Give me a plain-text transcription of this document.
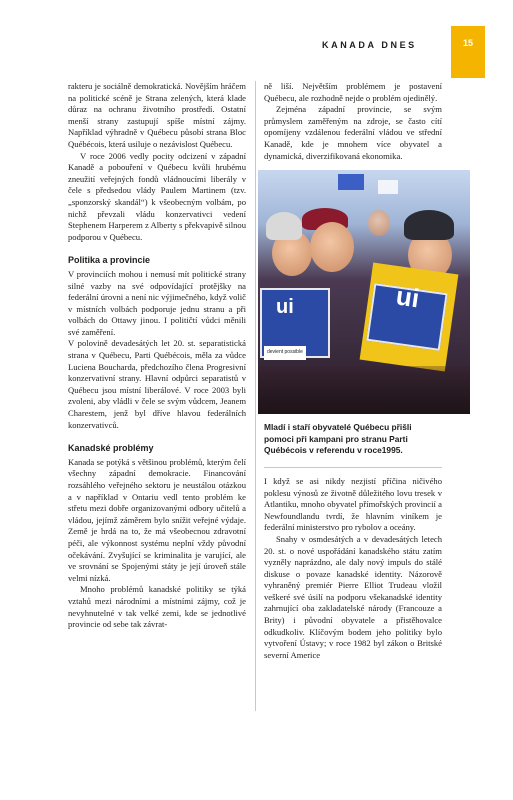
KANADA DNES	15

rakteru je sociálně demokratická. Novějším hráčem na politické scéně je Strana zelených, která klade důraz na ochranu životního prostředí. Ostatní menší strany zastupují spíše místní zájmy. Například výhradně v Québecu působí strana Bloc Québécois, která usiluje o nezávislost Québecu.

V roce 2006 vedly pocity odcizení v západní Kanadě a pobouření v Québecu kvůli hrubému zneužití veřejných fondů vládnoucími liberály v čele s předsedou vlády Paulem Martinem (tzv. „sponzorský skandál“) k všeobecným volbám, po nichž převzali vládu konzervativci vedení Stephenem Harperem z Alberty s překvapivě silnou podporou v Québecu.

Politika a provincie

V provinciích mohou i nemusí mít politické strany silné vazby na své odpovídající protějšky na federální úrovni a není nic výjimečného, když volič v místních volbách podporuje jednu stranu a při volbách do Ottawy jinou. I političtí vůdci měnili své zaměření.

V polovině devadesátých let 20. st. separatistická strana v Québecu, Parti Québécois, měla za vůdce Luciena Boucharda, předchozího člena Progresivní konzervativní strany. Hlavní odpůrci separatistů v Québecu jsou místní liberálové. V roce 2003 byli zvoleni, aby vládli v čele se svým vůdcem, Jeanem Charestem, jenž byl dříve hlavou federálních konzervativců.

Kanadské problémy

Kanada se potýká s většinou problémů, kterým čelí všechny západní demokracie. Financování rozsáhlého veřejného sektoru je neustálou otázkou a v například v Ontariu vedl tento problém ke střetu mezi dobře organizovanými odbory učitelů a vládou, jejímž záměrem bylo snížit veřejné výdaje. Země je hrdá na to, že má všeobecnou zdravotní péči, ale výkonnost systému neplní vždy původní očekávání. Zvyšující se kriminalita je varující, ale ve srovnání se Spojenými státy je její úroveň stále velmi nízká.

Mnoho problémů kanadské politiky se týká vztahů mezi národními a místními zájmy, což je nevyhnutelné v tak velké zemi, kde se jednotlivé provincie od sebe tak závrat-

ně liší. Největším problémem je postavení Québecu, ale rozhodně nejde o problém ojedinělý.

Zejména západní provincie, se svým průmyslem zaměřeným na zdroje, se často cítí opomíjeny vzdálenou federální vládou ve střední Kanadě, kde je mnohem více obyvatel a dynamická, diverzifikovaná ekonomika.

ui
devient possible
ui
Mladí i staří obyvatelé Québecu přišli pomoci při kampani pro stranu Parti Québécois v referendu v roce1995.

I když se asi nikdy nezjistí příčina ničivého poklesu výnosů ze životně důležitého lovu tresek v Atlantiku, mnoho obyvatel přímořských provincií a Newfoundlandu tvrdí, že hlavním viníkem je federální ministerstvo pro rybolov a oceány.

Snahy v osmdesátých a v devadesátých letech 20. st. o nové uspořádání kanadského státu zatím vyzněly naprázdno, ale daly nový impuls do stálé diskuse o povaze kanadské identity. Názorově vyhraněný premiér Pierre Elliot Trudeau vložil veškeré své úsilí na podporu všekanadské identity zahrnující oba zakladatelské národy (Francouze a Brity) i původní obyvatele a přistěhovalce odkudkoliv. Klíčovým bodem jeho politiky bylo vytvoření Ústavy; v roce 1982 byl zákon o Britské severní Americe
